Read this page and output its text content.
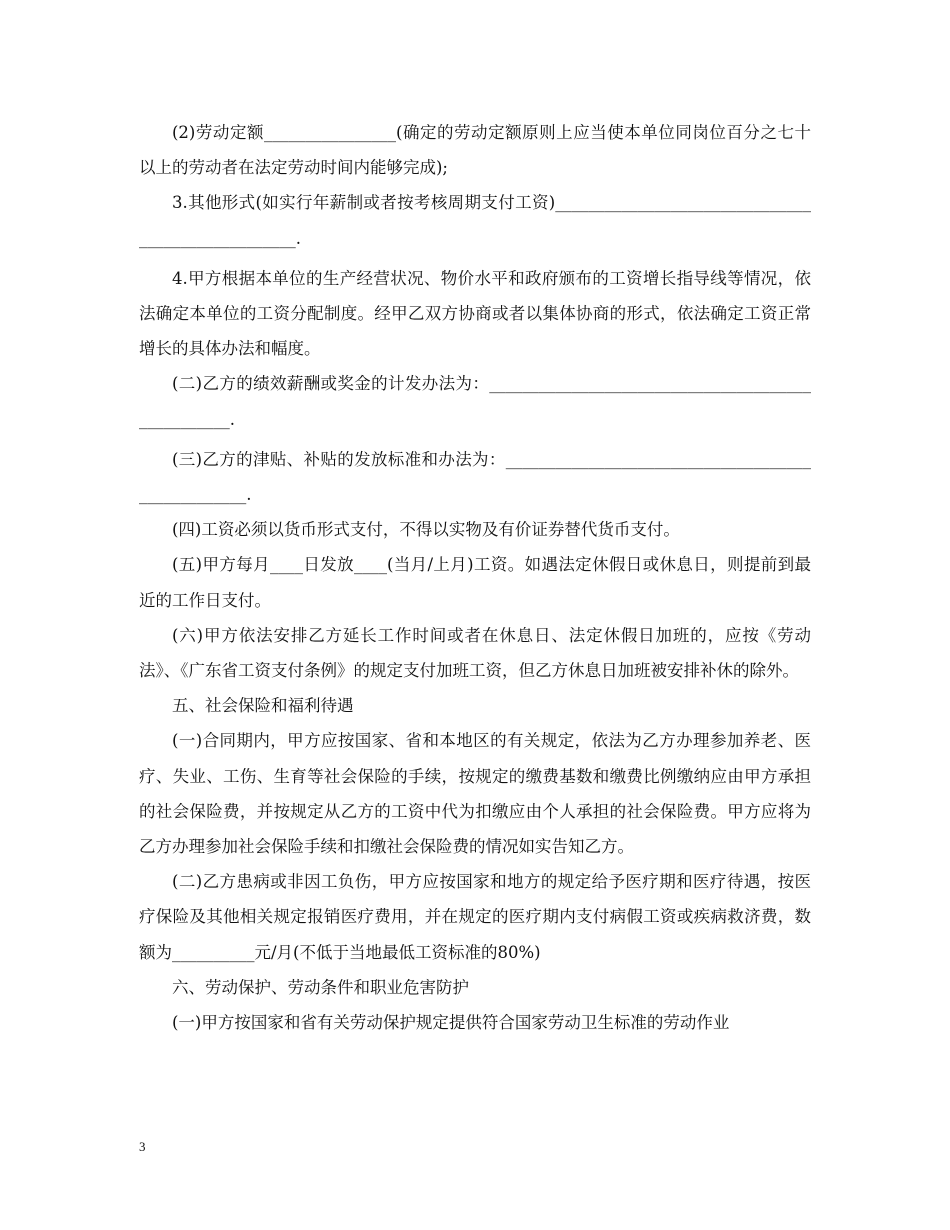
(2)劳动定额________________(确定的劳动定额原则上应当使本单位同岗位百分之七十以上的劳动者在法定劳动时间内能够完成);

3.其他形式(如实行年薪制或者按考核周期支付工资)__________________________________________________.

4.甲方根据本单位的生产经营状况、物价水平和政府颁布的工资增长指导线等情况，依法确定本单位的工资分配制度。经甲乙双方协商或者以集体协商的形式，依法确定工资正常增长的具体办法和幅度。

(二)乙方的绩效薪酬或奖金的计发办法为：__________________________________________________.

(三)乙方的津贴、补贴的发放标准和办法为：__________________________________________________.

(四)工资必须以货币形式支付，不得以实物及有价证券替代货币支付。

(五)甲方每月____日发放____(当月/上月)工资。如遇法定休假日或休息日，则提前到最近的工作日支付。

(六)甲方依法安排乙方延长工作时间或者在休息日、法定休假日加班的，应按《劳动法》、《广东省工资支付条例》的规定支付加班工资，但乙方休息日加班被安排补休的除外。

五、社会保险和福利待遇

(一)合同期内，甲方应按国家、省和本地区的有关规定，依法为乙方办理参加养老、医疗、失业、工伤、生育等社会保险的手续，按规定的缴费基数和缴费比例缴纳应由甲方承担的社会保险费，并按规定从乙方的工资中代为扣缴应由个人承担的社会保险费。甲方应将为乙方办理参加社会保险手续和扣缴社会保险费的情况如实告知乙方。

(二)乙方患病或非因工负伤，甲方应按国家和地方的规定给予医疗期和医疗待遇，按医疗保险及其他相关规定报销医疗费用，并在规定的医疗期内支付病假工资或疾病救济费，数额为__________元/月(不低于当地最低工资标准的80%)

六、劳动保护、劳动条件和职业危害防护

(一)甲方按国家和省有关劳动保护规定提供符合国家劳动卫生标准的劳动作业

3
